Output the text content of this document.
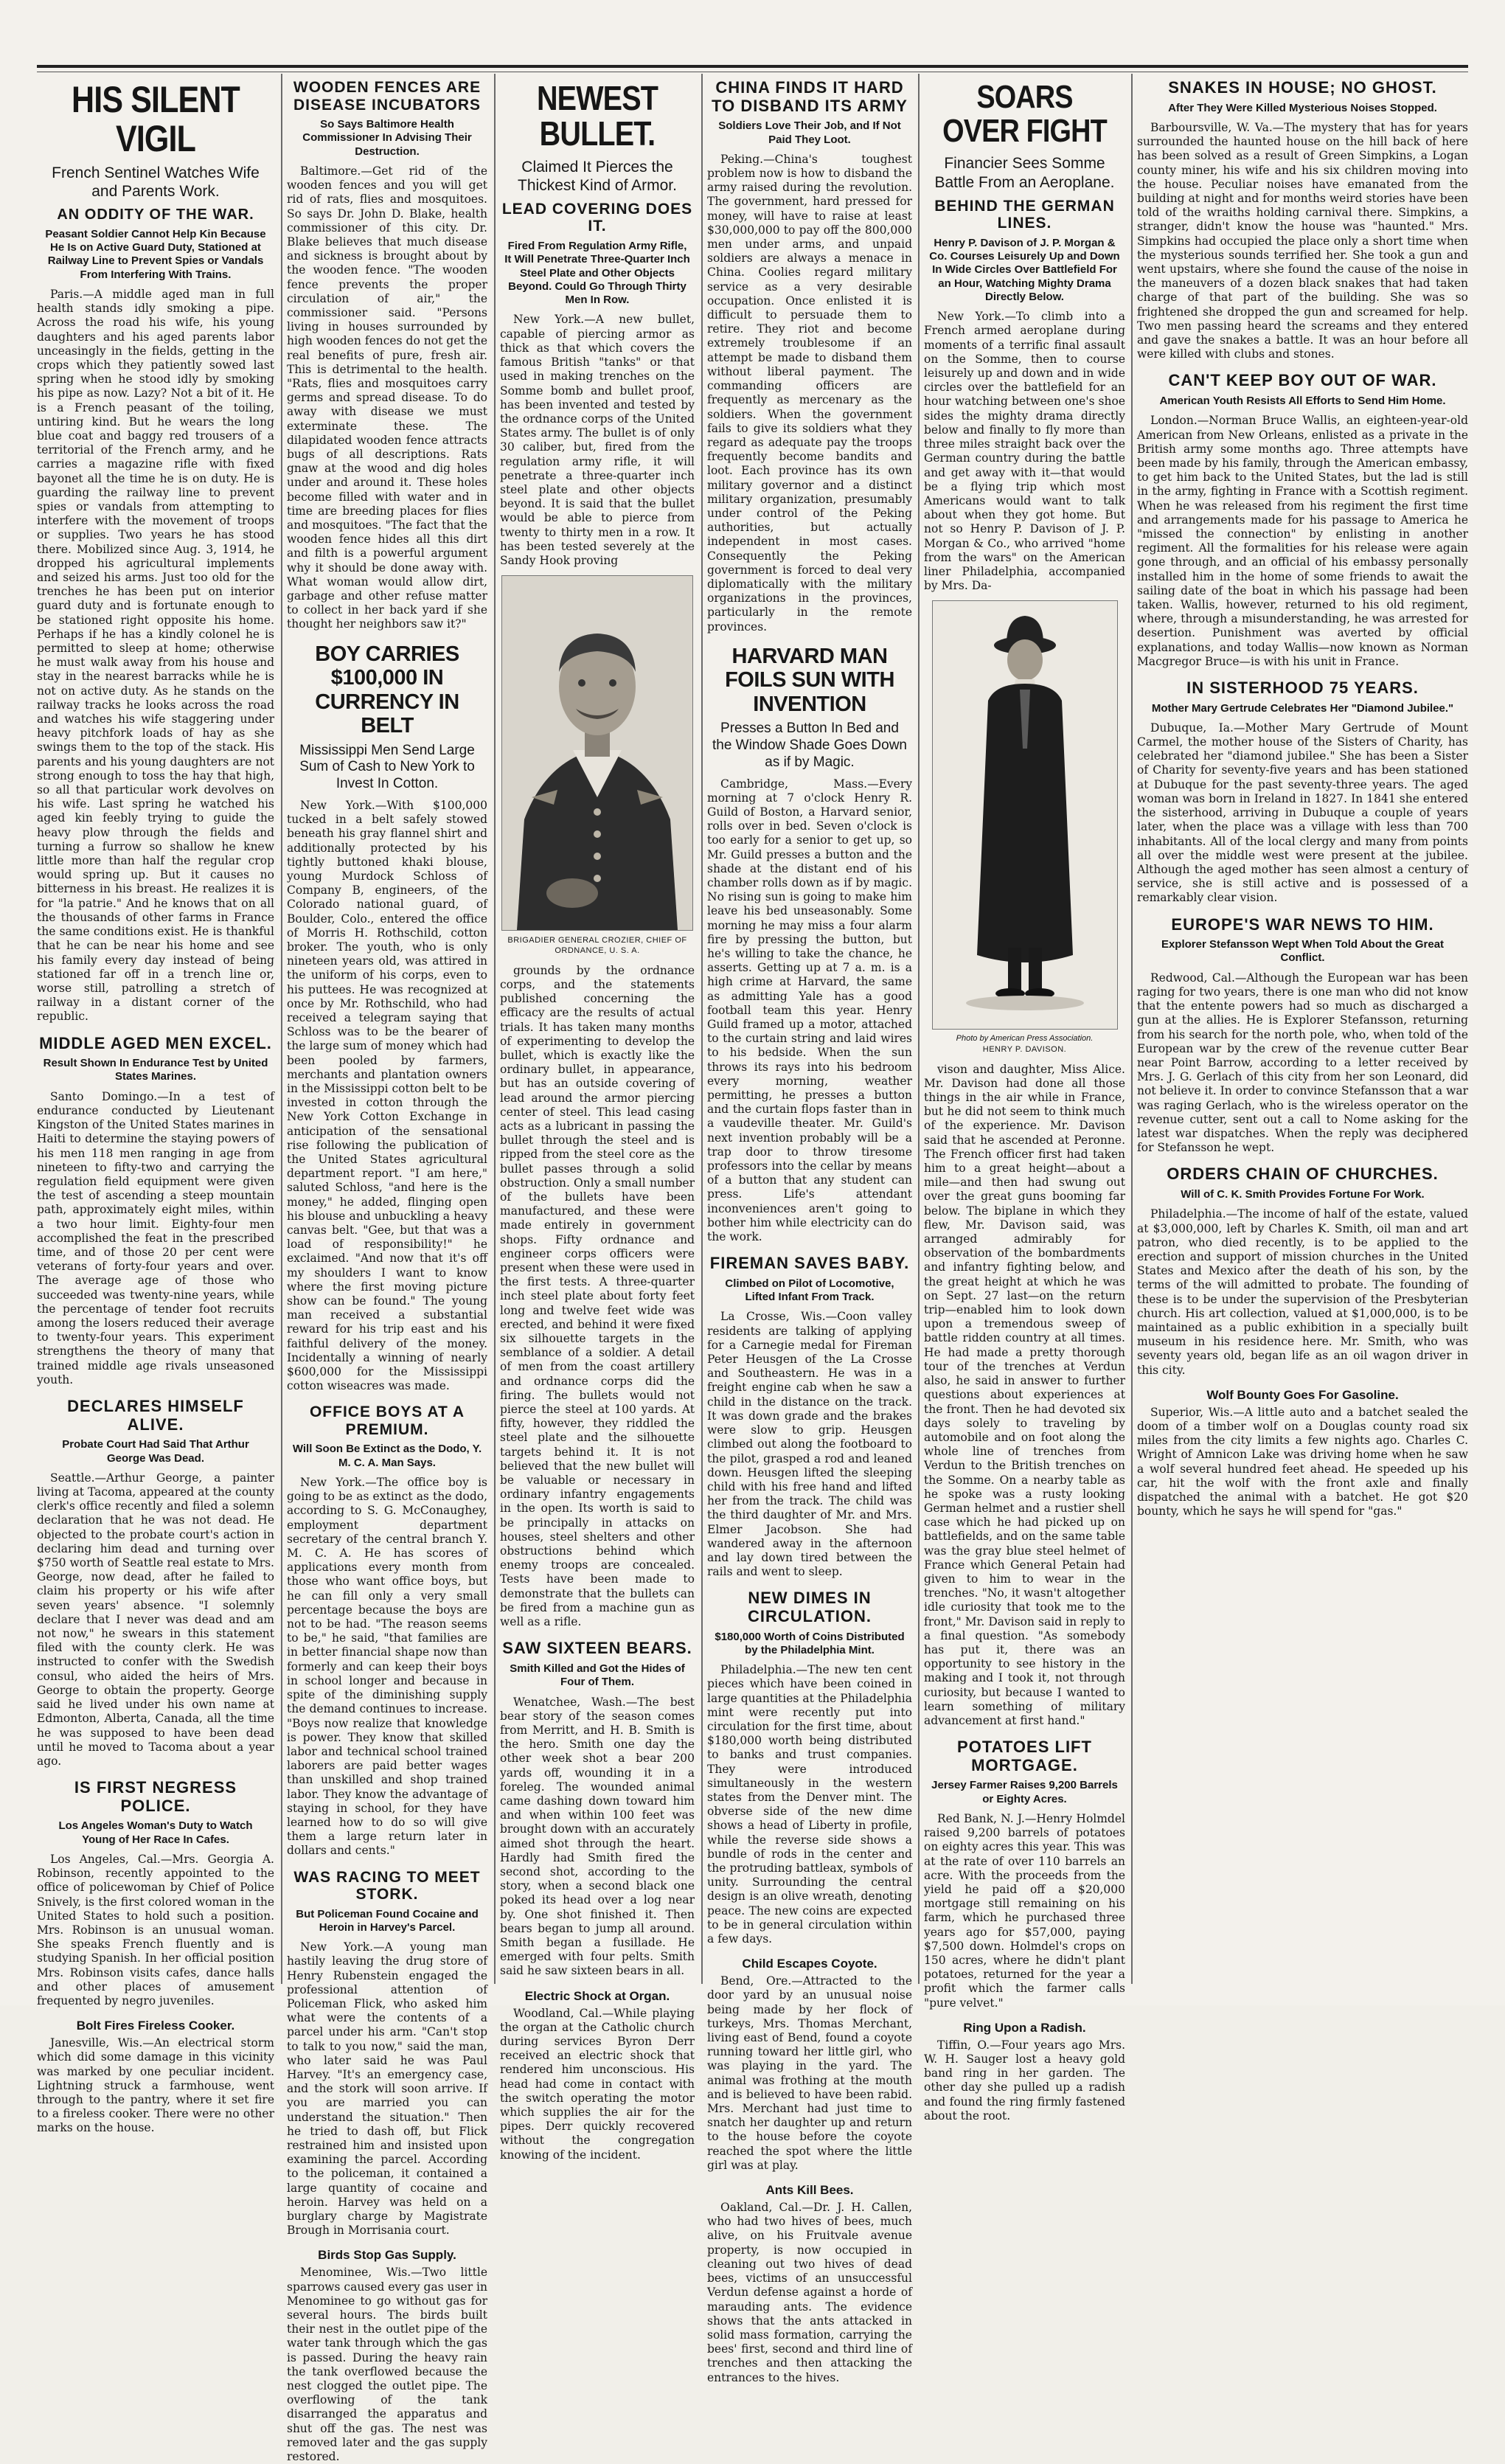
HIS SILENT VIGIL
French Sentinel Watches Wife and Parents Work.
AN ODDITY OF THE WAR.
Peasant Soldier Cannot Help Kin Because He Is on Active Guard Duty, Stationed at Railway Line to Prevent Spies or Vandals From Interfering With Trains.

Paris.—A middle aged man in full health stands idly smoking a pipe. Across the road his wife, his young daughters and his aged parents labor unceasingly in the fields, getting in the crops which they patiently sowed last spring when he stood idly by smoking his pipe as now. Lazy? Not a bit of it. He is a French peasant of the toiling, untiring kind. But he wears the long blue coat and baggy red trousers of a territorial of the French army, and he carries a magazine rifle with fixed bayonet all the time he is on duty. He is guarding the railway line to prevent spies or vandals from attempting to interfere with the movement of troops or supplies. Two years he has stood there. Mobilized since Aug. 3, 1914, he dropped his agricultural implements and seized his arms. Just too old for the trenches he has been put on interior guard duty and is fortunate enough to be stationed right opposite his home. Perhaps if he has a kindly colonel he is permitted to sleep at home; otherwise he must walk away from his house and stay in the nearest barracks while he is not on active duty. As he stands on the railway tracks he looks across the road and watches his wife staggering under heavy pitchfork loads of hay as she swings them to the top of the stack. His parents and his young daughters are not strong enough to toss the hay that high, so all that particular work devolves on his wife. Last spring he watched his aged kin feebly trying to guide the heavy plow through the fields and turning a furrow so shallow he knew little more than half the regular crop would spring up. But it causes no bitterness in his breast. He realizes it is for "la patrie." And he knows that on all the thousands of other farms in France the same conditions exist. He is thankful that he can be near his home and see his family every day instead of being stationed far off in a trench line or, worse still, patrolling a stretch of railway in a distant corner of the republic.

MIDDLE AGED MEN EXCEL.
Result Shown In Endurance Test by United States Marines.

Santo Domingo.—In a test of endurance conducted by Lieutenant Kingston of the United States marines in Haiti to determine the staying powers of his men 118 men ranging in age from nineteen to fifty-two and carrying the regulation field equipment were given the test of ascending a steep mountain path, approximately eight miles, within a two hour limit. Eighty-four men accomplished the feat in the prescribed time, and of those 20 per cent were veterans of forty-four years and over. The average age of those who succeeded was twenty-nine years, while the percentage of tender foot recruits among the losers reduced their average to twenty-four years. This experiment strengthens the theory of many that trained middle age rivals unseasoned youth.

DECLARES HIMSELF ALIVE.
Probate Court Had Said That Arthur George Was Dead.

Seattle.—Arthur George, a painter living at Tacoma, appeared at the county clerk's office recently and filed a solemn declaration that he was not dead. He objected to the probate court's action in declaring him dead and turning over $750 worth of Seattle real estate to Mrs. George, now dead, after he failed to claim his property or his wife after seven years' absence. "I solemnly declare that I never was dead and am not now," he swears in this statement filed with the county clerk. He was instructed to confer with the Swedish consul, who aided the heirs of Mrs. George to obtain the property. George said he lived under his own name at Edmonton, Alberta, Canada, all the time he was supposed to have been dead until he moved to Tacoma about a year ago.

IS FIRST NEGRESS POLICE.
Los Angeles Woman's Duty to Watch Young of Her Race In Cafes.

Los Angeles, Cal.—Mrs. Georgia A. Robinson, recently appointed to the office of policewoman by Chief of Police Snively, is the first colored woman in the United States to hold such a position. Mrs. Robinson is an unusual woman. She speaks French fluently and is studying Spanish. In her official position Mrs. Robinson visits cafes, dance halls and other places of amusement frequented by negro juveniles.

Bolt Fires Fireless Cooker.

Janesville, Wis.—An electrical storm which did some damage in this vicinity was marked by one peculiar incident. Lightning struck a farmhouse, went through to the pantry, where it set fire to a fireless cooker. There were no other marks on the house.

WOODEN FENCES ARE DISEASE INCUBATORS
So Says Baltimore Health Commissioner In Advising Their Destruction.

Baltimore.—Get rid of the wooden fences and you will get rid of rats, flies and mosquitoes. So says Dr. John D. Blake, health commissioner of this city. Dr. Blake believes that much disease and sickness is brought about by the wooden fence. "The wooden fence prevents the proper circulation of air," the commissioner said. "Persons living in houses surrounded by high wooden fences do not get the real benefits of pure, fresh air. This is detrimental to the health. "Rats, flies and mosquitoes carry germs and spread disease. To do away with disease we must exterminate these. The dilapidated wooden fence attracts bugs of all descriptions. Rats gnaw at the wood and dig holes under and around it. These holes become filled with water and in time are breeding places for flies and mosquitoes. "The fact that the wooden fence hides all this dirt and filth is a powerful argument why it should be done away with. What woman would allow dirt, garbage and other refuse matter to collect in her back yard if she thought her neighbors saw it?"

BOY CARRIES $100,000 IN CURRENCY IN BELT
Mississippi Men Send Large Sum of Cash to New York to Invest In Cotton.

New York.—With $100,000 tucked in a belt safely stowed beneath his gray flannel shirt and additionally protected by his tightly buttoned khaki blouse, young Murdock Schloss of Company B, engineers, of the Colorado national guard, of Boulder, Colo., entered the office of Morris H. Rothschild, cotton broker. The youth, who is only nineteen years old, was attired in the uniform of his corps, even to his puttees. He was recognized at once by Mr. Rothschild, who had received a telegram saying that Schloss was to be the bearer of the large sum of money which had been pooled by farmers, merchants and plantation owners in the Mississippi cotton belt to be invested in cotton through the New York Cotton Exchange in anticipation of the sensational rise following the publication of the United States agricultural department report. "I am here," saluted Schloss, "and here is the money," he added, flinging open his blouse and unbuckling a heavy canvas belt. "Gee, but that was a load of responsibility!" he exclaimed. "And now that it's off my shoulders I want to know where the first moving picture show can be found." The young man received a substantial reward for his trip east and his faithful delivery of the money. Incidentally a winning of nearly $600,000 for the Mississippi cotton wiseacres was made.

OFFICE BOYS AT A PREMIUM.
Will Soon Be Extinct as the Dodo, Y. M. C. A. Man Says.

New York.—The office boy is going to be as extinct as the dodo, according to S. G. McConaughey, employment department secretary of the central branch Y. M. C. A. He has scores of applications every month from those who want office boys, but he can fill only a very small percentage because the boys are not to be had. "The reason seems to be," he said, "that families are in better financial shape now than formerly and can keep their boys in school longer and because in spite of the diminishing supply the demand continues to increase. "Boys now realize that knowledge is power. They know that skilled labor and technical school trained laborers are paid better wages than unskilled and shop trained labor. They know the advantage of staying in school, for they have learned how to do so will give them a large return later in dollars and cents."

WAS RACING TO MEET STORK.
But Policeman Found Cocaine and Heroin in Harvey's Parcel.

New York.—A young man hastily leaving the drug store of Henry Rubenstein engaged the professional attention of Policeman Flick, who asked him what were the contents of a parcel under his arm. "Can't stop to talk to you now," said the man, who later said he was Paul Harvey. "It's an emergency case, and the stork will soon arrive. If you are married you can understand the situation." Then he tried to dash off, but Flick restrained him and insisted upon examining the parcel. According to the policeman, it contained a large quantity of cocaine and heroin. Harvey was held on a burglary charge by Magistrate Brough in Morrisania court.

Birds Stop Gas Supply.

Menominee, Wis.—Two little sparrows caused every gas user in Menominee to go without gas for several hours. The birds built their nest in the outlet pipe of the water tank through which the gas is passed. During the heavy rain the tank overflowed because the nest clogged the outlet pipe. The overflowing of the tank disarranged the apparatus and shut off the gas. The nest was removed later and the gas supply restored.

NEWEST BULLET.
Claimed It Pierces the Thickest Kind of Armor.
LEAD COVERING DOES IT.
Fired From Regulation Army Rifle, It Will Penetrate Three-Quarter Inch Steel Plate and Other Objects Beyond. Could Go Through Thirty Men In Row.

New York.—A new bullet, capable of piercing armor as thick as that which covers the famous British "tanks" or that used in making trenches on the Somme bomb and bullet proof, has been invented and tested by the ordnance corps of the United States army. The bullet is of only 30 caliber, but, fired from the regulation army rifle, it will penetrate a three-quarter inch steel plate and other objects beyond. It is said that the bullet would be able to pierce from twenty to thirty men in a row. It has been tested severely at the Sandy Hook proving

BRIGADIER GENERAL CROZIER, CHIEF OF ORDNANCE, U. S. A.

grounds by the ordnance corps, and the statements published concerning the efficacy are the results of actual trials. It has taken many months of experimenting to develop the bullet, which is exactly like the ordinary bullet, in appearance, but has an outside covering of lead around the armor piercing center of steel. This lead casing acts as a lubricant in passing the bullet through the steel and is ripped from the steel core as the bullet passes through a solid obstruction. Only a small number of the bullets have been manufactured, and these were made entirely in government shops. Fifty ordnance and engineer corps officers were present when these were used in the first tests. A three-quarter inch steel plate about forty feet long and twelve feet wide was erected, and behind it were fixed six silhouette targets in the semblance of a soldier. A detail of men from the coast artillery and ordnance corps did the firing. The bullets would not pierce the steel at 100 yards. At fifty, however, they riddled the steel plate and the silhouette targets behind it. It is not believed that the new bullet will be valuable or necessary in ordinary infantry engagements in the open. Its worth is said to be principally in attacks on houses, steel shelters and other obstructions behind which enemy troops are concealed. Tests have been made to demonstrate that the bullets can be fired from a machine gun as well as a rifle.

SAW SIXTEEN BEARS.
Smith Killed and Got the Hides of Four of Them.

Wenatchee, Wash.—The best bear story of the season comes from Merritt, and H. B. Smith is the hero. Smith one day the other week shot a bear 200 yards off, wounding it in a foreleg. The wounded animal came dashing down toward him and when within 100 feet was brought down with an accurately aimed shot through the heart. Hardly had Smith fired the second shot, according to the story, when a second black one poked its head over a log near by. One shot finished it. Then bears began to jump all around. Smith began a fusillade. He emerged with four pelts. Smith said he saw sixteen bears in all.

Electric Shock at Organ.

Woodland, Cal.—While playing the organ at the Catholic church during services Byron Derr received an electric shock that rendered him unconscious. His head had come in contact with the switch operating the motor which supplies the air for the pipes. Derr quickly recovered without the congregation knowing of the incident.

CHINA FINDS IT HARD TO DISBAND ITS ARMY
Soldiers Love Their Job, and If Not Paid They Loot.

Peking.—China's toughest problem now is how to disband the army raised during the revolution. The government, hard pressed for money, will have to raise at least $30,000,000 to pay off the 800,000 men under arms, and unpaid soldiers are always a menace in China. Coolies regard military service as a very desirable occupation. Once enlisted it is difficult to persuade them to retire. They riot and become extremely troublesome if an attempt be made to disband them without liberal payment. The commanding officers are frequently as mercenary as the soldiers. When the government fails to give its soldiers what they regard as adequate pay the troops frequently become bandits and loot. Each province has its own military governor and a distinct military organization, presumably under control of the Peking authorities, but actually independent in most cases. Consequently the Peking government is forced to deal very diplomatically with the military organizations in the provinces, particularly in the remote provinces.

HARVARD MAN FOILS SUN WITH INVENTION
Presses a Button In Bed and the Window Shade Goes Down as if by Magic.

Cambridge, Mass.—Every morning at 7 o'clock Henry R. Guild of Boston, a Harvard senior, rolls over in bed. Seven o'clock is too early for a senior to get up, so Mr. Guild presses a button and the shade at the distant end of his chamber rolls down as if by magic. No rising sun is going to make him leave his bed unseasonably. Some morning he may miss a four alarm fire by pressing the button, but he's willing to take the chance, he asserts. Getting up at 7 a. m. is a high crime at Harvard, the same as admitting Yale has a good football team this year. Henry Guild framed up a motor, attached to the curtain string and laid wires to his bedside. When the sun throws its rays into his bedroom every morning, weather permitting, he presses a button and the curtain flops faster than in a vaudeville theater. Mr. Guild's next invention probably will be a trap door to throw tiresome professors into the cellar by means of a button that any student can press. Life's attendant inconveniences aren't going to bother him while electricity can do the work.

FIREMAN SAVES BABY.
Climbed on Pilot of Locomotive, Lifted Infant From Track.

La Crosse, Wis.—Coon valley residents are talking of applying for a Carnegie medal for Fireman Peter Heusgen of the La Crosse and Southeastern. He was in a freight engine cab when he saw a child in the distance on the track. It was down grade and the brakes were slow to grip. Heusgen climbed out along the footboard to the pilot, grasped a rod and leaned down. Heusgen lifted the sleeping child with his free hand and lifted her from the track. The child was the third daughter of Mr. and Mrs. Elmer Jacobson. She had wandered away in the afternoon and lay down tired between the rails and went to sleep.

NEW DIMES IN CIRCULATION.
$180,000 Worth of Coins Distributed by the Philadelphia Mint.

Philadelphia.—The new ten cent pieces which have been coined in large quantities at the Philadelphia mint were recently put into circulation for the first time, about $180,000 worth being distributed to banks and trust companies. They were introduced simultaneously in the western states from the Denver mint. The obverse side of the new dime shows a head of Liberty in profile, while the reverse side shows a bundle of rods in the center and the protruding battleax, symbols of unity. Surrounding the central design is an olive wreath, denoting peace. The new coins are expected to be in general circulation within a few days.

Child Escapes Coyote.

Bend, Ore.—Attracted to the door yard by an unusual noise being made by her flock of turkeys, Mrs. Thomas Merchant, living east of Bend, found a coyote running toward her little girl, who was playing in the yard. The animal was frothing at the mouth and is believed to have been rabid. Mrs. Merchant had just time to snatch her daughter up and return to the house before the coyote reached the spot where the little girl was at play.

Ants Kill Bees.

Oakland, Cal.—Dr. J. H. Callen, who had two hives of bees, much alive, on his Fruitvale avenue property, is now occupied in cleaning out two hives of dead bees, victims of an unsuccessful Verdun defense against a horde of marauding ants. The evidence shows that the ants attacked in solid mass formation, carrying the bees' first, second and third line of trenches and then attacking the entrances to the hives.

SOARS OVER FIGHT
Financier Sees Somme Battle From an Aeroplane.
BEHIND THE GERMAN LINES.
Henry P. Davison of J. P. Morgan & Co. Courses Leisurely Up and Down In Wide Circles Over Battlefield For an Hour, Watching Mighty Drama Directly Below.

New York.—To climb into a French armed aeroplane during moments of a terrific final assault on the Somme, then to course leisurely up and down and in wide circles over the battlefield for an hour watching between one's shoe sides the mighty drama directly below and finally to fly more than three miles straight back over the German country during the battle and get away with it—that would be a flying trip which most Americans would want to talk about when they got home. But not so Henry P. Davison of J. P. Morgan & Co., who arrived "home from the wars" on the American liner Philadelphia, accompanied by Mrs. Da-

Photo by American Press Association.
HENRY P. DAVISON.

vison and daughter, Miss Alice. Mr. Davison had done all those things in the air while in France, but he did not seem to think much of the experience. Mr. Davison said that he ascended at Peronne. The French officer first had taken him to a great height—about a mile—and then had swung out over the great guns booming far below. The biplane in which they flew, Mr. Davison said, was arranged admirably for observation of the bombardments and infantry fighting below, and the great height at which he was on Sept. 27 last—on the return trip—enabled him to look down upon a tremendous sweep of battle ridden country at all times. He had made a pretty thorough tour of the trenches at Verdun also, he said in answer to further questions about experiences at the front. Then he had devoted six days solely to traveling by automobile and on foot along the whole line of trenches from Verdun to the British trenches on the Somme. On a nearby table as he spoke was a rusty looking German helmet and a rustier shell case which he had picked up on battlefields, and on the same table was the gray blue steel helmet of France which General Petain had given to him to wear in the trenches. "No, it wasn't altogether idle curiosity that took me to the front," Mr. Davison said in reply to a final question. "As somebody has put it, there was an opportunity to see history in the making and I took it, not through curiosity, but because I wanted to learn something of military advancement at first hand."

POTATOES LIFT MORTGAGE.
Jersey Farmer Raises 9,200 Barrels or Eighty Acres.

Red Bank, N. J.—Henry Holmdel raised 9,200 barrels of potatoes on eighty acres this year. This was at the rate of over 110 barrels an acre. With the proceeds from the yield he paid off a $20,000 mortgage still remaining on his farm, which he purchased three years ago for $57,000, paying $7,500 down. Holmdel's crops on 150 acres, where he didn't plant potatoes, returned for the year a profit which the farmer calls "pure velvet."

Ring Upon a Radish.

Tiffin, O.—Four years ago Mrs. W. H. Sauger lost a heavy gold band ring in her garden. The other day she pulled up a radish and found the ring firmly fastened about the root.

SNAKES IN HOUSE; NO GHOST.
After They Were Killed Mysterious Noises Stopped.

Barboursville, W. Va.—The mystery that has for years surrounded the haunted house on the hill back of here has been solved as a result of Green Simpkins, a Logan county miner, his wife and his six children moving into the house. Peculiar noises have emanated from the building at night and for months weird stories have been told of the wraiths holding carnival there. Simpkins, a stranger, didn't know the house was "haunted." Mrs. Simpkins had occupied the place only a short time when the mysterious sounds terrified her. She took a gun and went upstairs, where she found the cause of the noise in the maneuvers of a dozen black snakes that had taken charge of that part of the building. She was so frightened she dropped the gun and screamed for help. Two men passing heard the screams and they entered and gave the snakes a battle. It was an hour before all were killed with clubs and stones.

CAN'T KEEP BOY OUT OF WAR.
American Youth Resists All Efforts to Send Him Home.

London.—Norman Bruce Wallis, an eighteen-year-old American from New Orleans, enlisted as a private in the British army some months ago. Three attempts have been made by his family, through the American embassy, to get him back to the United States, but the lad is still in the army, fighting in France with a Scottish regiment. When he was released from his regiment the first time and arrangements made for his passage to America he "missed the connection" by enlisting in another regiment. All the formalities for his release were again gone through, and an official of his embassy personally installed him in the home of some friends to await the sailing date of the boat in which his passage had been taken. Wallis, however, returned to his old regiment, where, through a misunderstanding, he was arrested for desertion. Punishment was averted by official explanations, and today Wallis—now known as Norman Macgregor Bruce—is with his unit in France.

IN SISTERHOOD 75 YEARS.
Mother Mary Gertrude Celebrates Her "Diamond Jubilee."

Dubuque, Ia.—Mother Mary Gertrude of Mount Carmel, the mother house of the Sisters of Charity, has celebrated her "diamond jubilee." She has been a Sister of Charity for seventy-five years and has been stationed at Dubuque for the past seventy-three years. The aged woman was born in Ireland in 1827. In 1841 she entered the sisterhood, arriving in Dubuque a couple of years later, when the place was a village with less than 700 inhabitants. All of the local clergy and many from points all over the middle west were present at the jubilee. Although the aged mother has seen almost a century of service, she is still active and is possessed of a remarkably clear vision.

EUROPE'S WAR NEWS TO HIM.
Explorer Stefansson Wept When Told About the Great Conflict.

Redwood, Cal.—Although the European war has been raging for two years, there is one man who did not know that the entente powers had so much as discharged a gun at the allies. He is Explorer Stefansson, returning from his search for the north pole, who, when told of the European war by the crew of the revenue cutter Bear near Point Barrow, according to a letter received by Mrs. J. G. Gerlach of this city from her son Leonard, did not believe it. In order to convince Stefansson that a war was raging Gerlach, who is the wireless operator on the revenue cutter, sent out a call to Nome asking for the latest war dispatches. When the reply was deciphered for Stefansson he wept.

ORDERS CHAIN OF CHURCHES.
Will of C. K. Smith Provides Fortune For Work.

Philadelphia.—The income of half of the estate, valued at $3,000,000, left by Charles K. Smith, oil man and art patron, who died recently, is to be applied to the erection and support of mission churches in the United States and Mexico after the death of his son, by the terms of the will admitted to probate. The founding of these is to be under the supervision of the Presbyterian church. His art collection, valued at $1,000,000, is to be maintained as a public exhibition in a specially built museum in his residence here. Mr. Smith, who was seventy years old, began life as an oil wagon driver in this city.

Wolf Bounty Goes For Gasoline.

Superior, Wis.—A little auto and a batchet sealed the doom of a timber wolf on a Douglas county road six miles from the city limits a few nights ago. Charles C. Wright of Amnicon Lake was driving home when he saw a wolf several hundred feet ahead. He speeded up his car, hit the wolf with the front axle and finally dispatched the animal with a batchet. He got $20 bounty, which he says he will spend for "gas."
